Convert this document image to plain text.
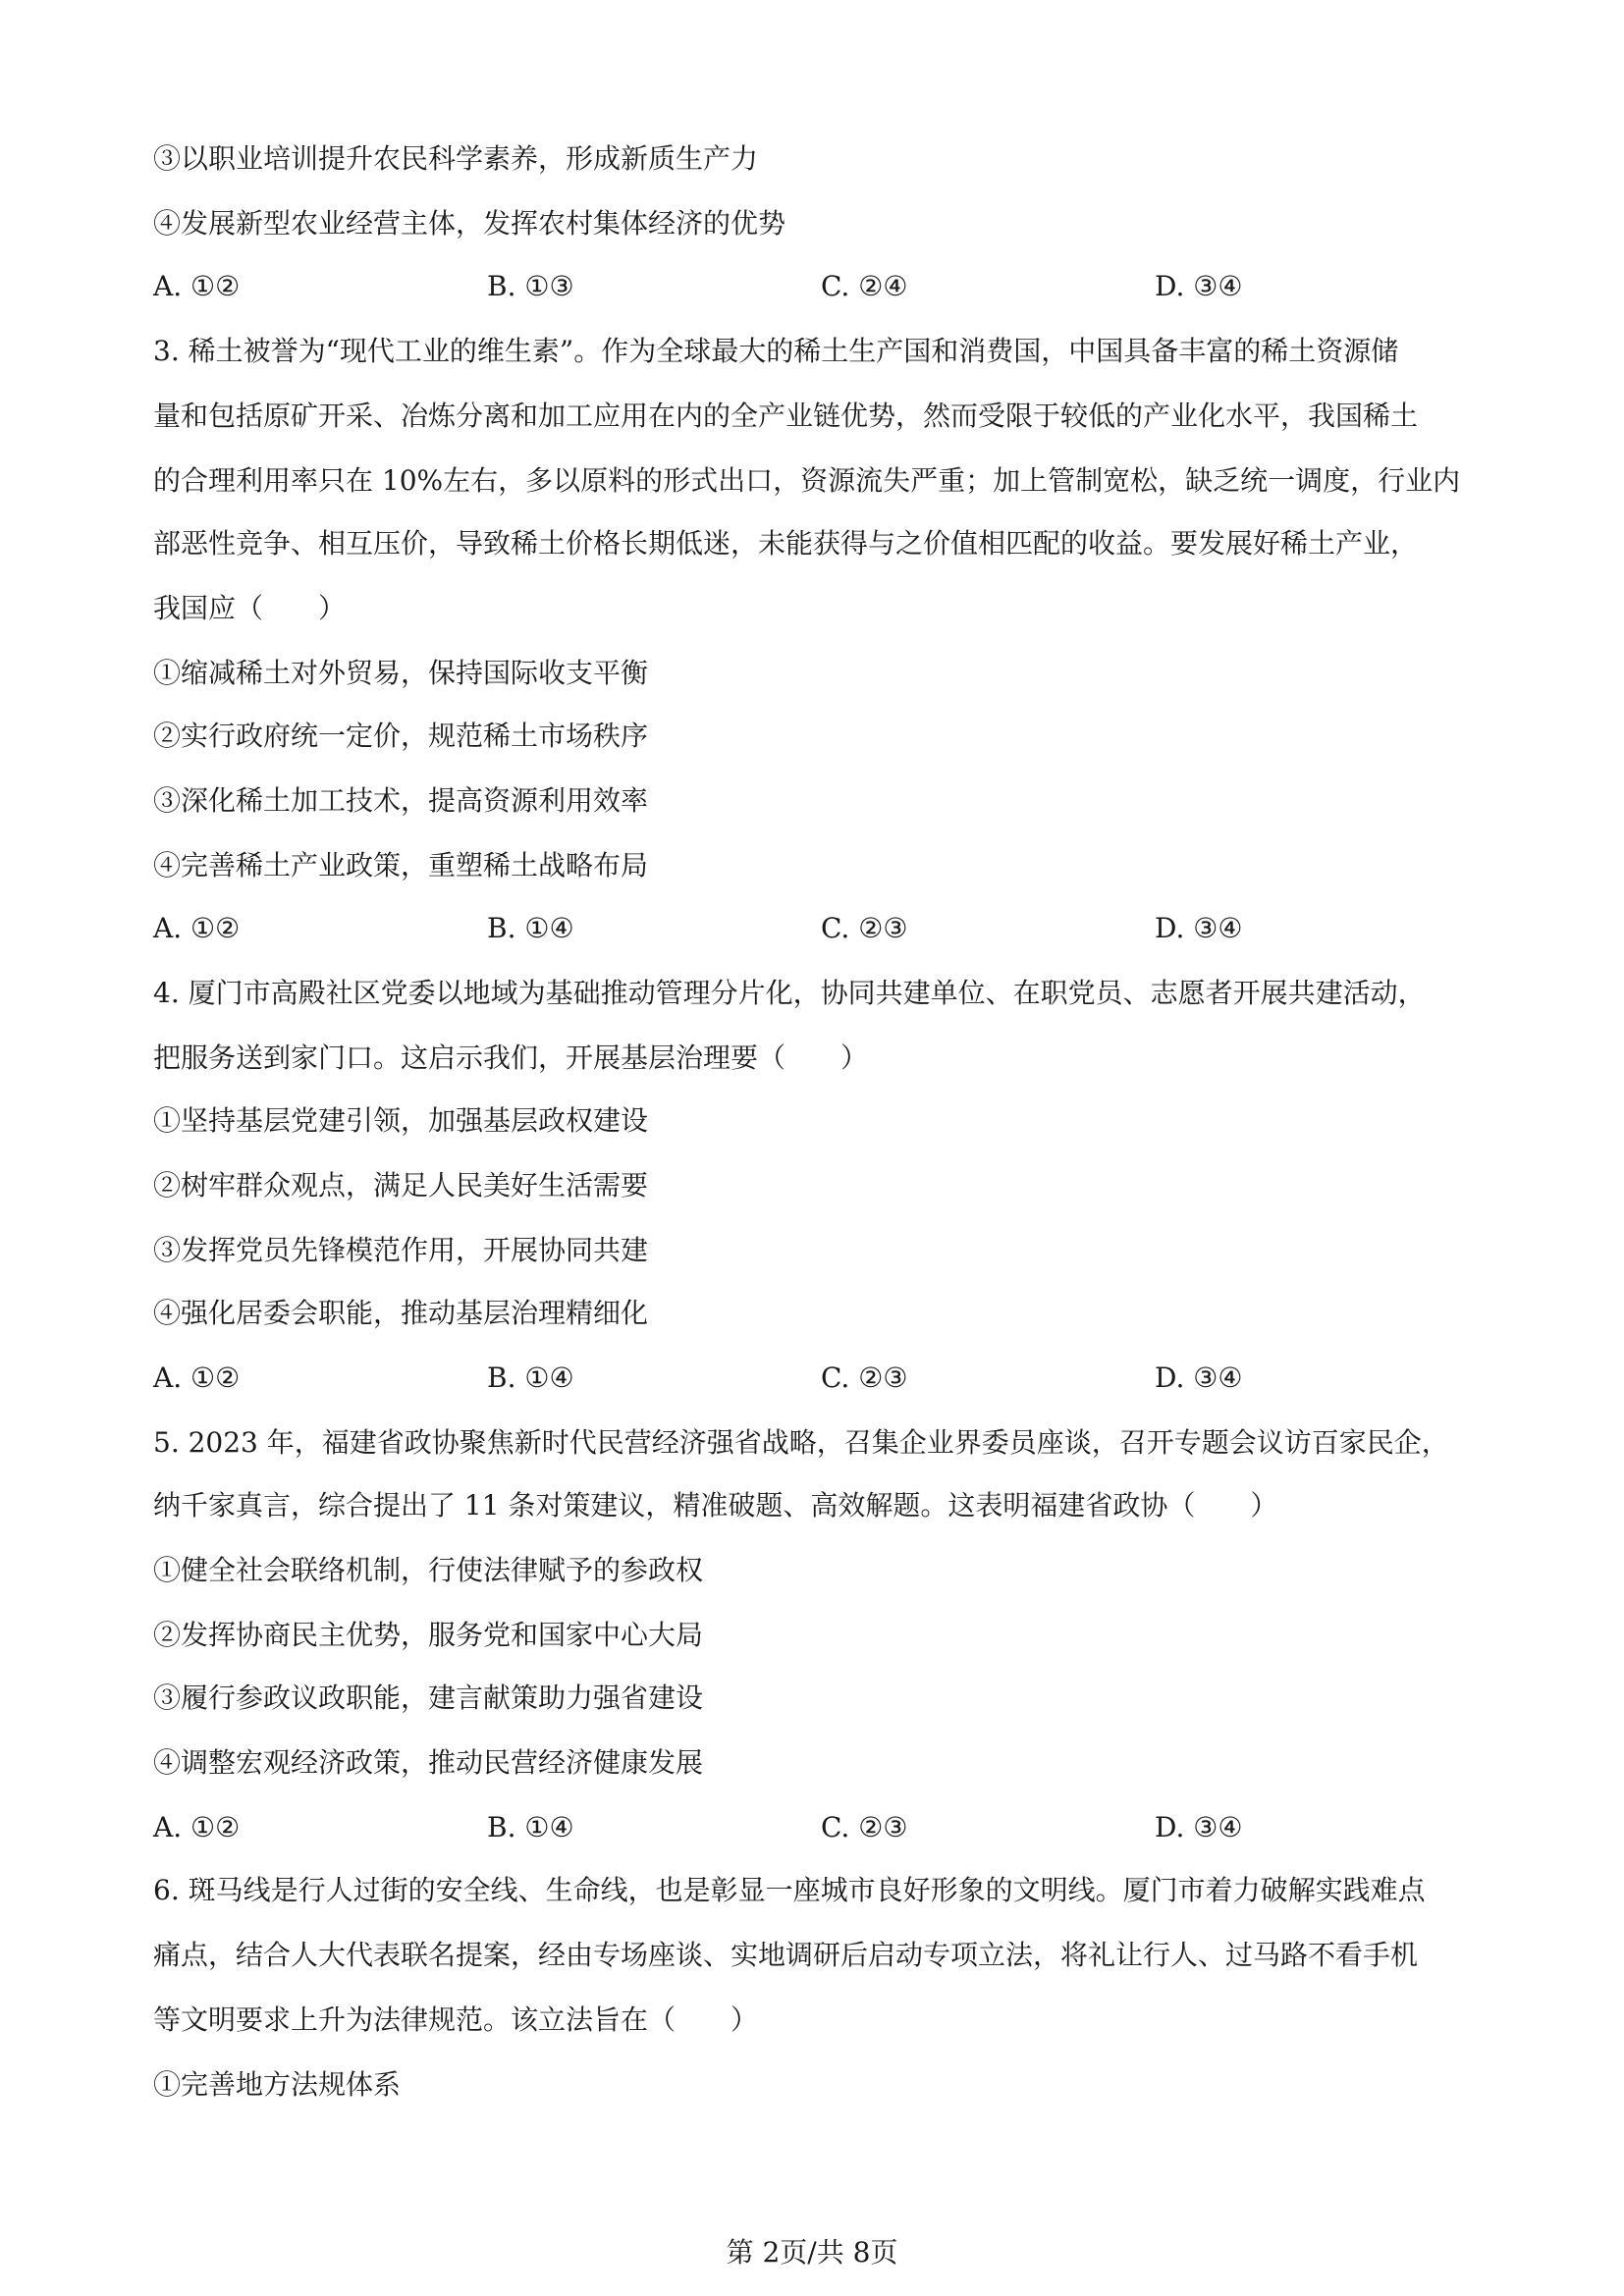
③以职业培训提升农民科学素养，形成新质生产力
④发展新型农业经营主体，发挥农村集体经济的优势
A. ①②	B. ①③	C. ②④	D. ③④
3. 稀土被誉为“现代工业的维生素”。作为全球最大的稀土生产国和消费国，中国具备丰富的稀土资源储
量和包括原矿开采、冶炼分离和加工应用在内的全产业链优势，然而受限于较低的产业化水平，我国稀土
的合理利用率只在 10%左右，多以原料的形式出口，资源流失严重；加上管制宽松，缺乏统一调度，行业内
部恶性竞争、相互压价，导致稀土价格长期低迷，未能获得与之价值相匹配的收益。要发展好稀土产业，
我国应（　　）
①缩减稀土对外贸易，保持国际收支平衡
②实行政府统一定价，规范稀土市场秩序
③深化稀土加工技术，提高资源利用效率
④完善稀土产业政策，重塑稀土战略布局
A. ①②	B. ①④	C. ②③	D. ③④
4. 厦门市高殿社区党委以地域为基础推动管理分片化，协同共建单位、在职党员、志愿者开展共建活动，
把服务送到家门口。这启示我们，开展基层治理要（　　）
①坚持基层党建引领，加强基层政权建设
②树牢群众观点，满足人民美好生活需要
③发挥党员先锋模范作用，开展协同共建
④强化居委会职能，推动基层治理精细化
A. ①②	B. ①④	C. ②③	D. ③④
5. 2023 年，福建省政协聚焦新时代民营经济强省战略，召集企业界委员座谈，召开专题会议访百家民企，
纳千家真言，综合提出了 11 条对策建议，精准破题、高效解题。这表明福建省政协（　　）
①健全社会联络机制，行使法律赋予的参政权
②发挥协商民主优势，服务党和国家中心大局
③履行参政议政职能，建言献策助力强省建设
④调整宏观经济政策，推动民营经济健康发展
A. ①②	B. ①④	C. ②③	D. ③④
6. 斑马线是行人过街的安全线、生命线，也是彰显一座城市良好形象的文明线。厦门市着力破解实践难点
痛点，结合人大代表联名提案，经由专场座谈、实地调研后启动专项立法，将礼让行人、过马路不看手机
等文明要求上升为法律规范。该立法旨在（　　）
①完善地方法规体系
第 2页/共 8页
